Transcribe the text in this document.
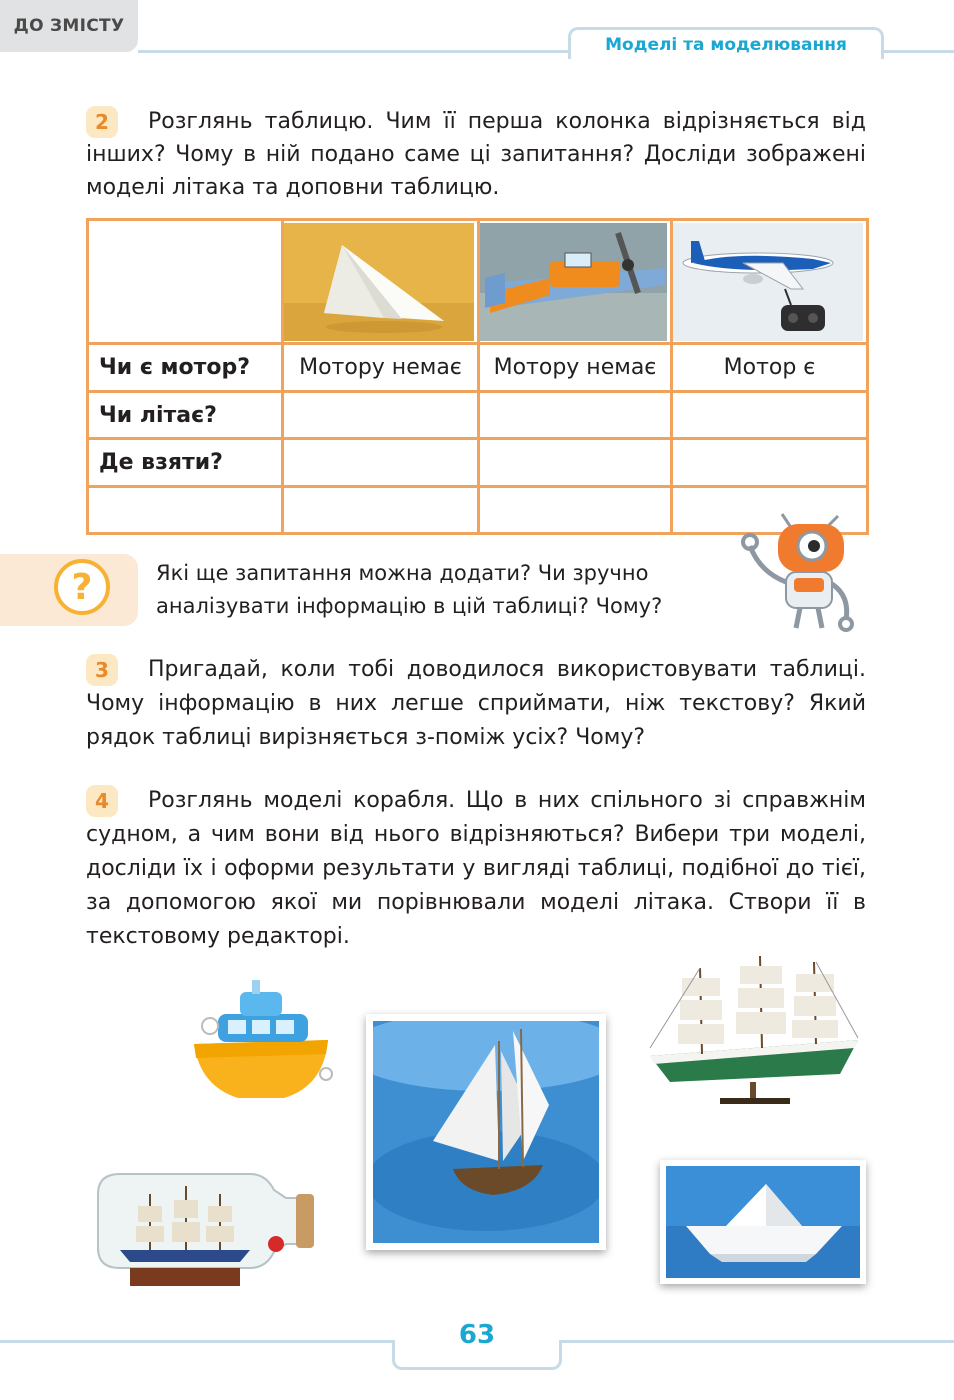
ДО ЗМІСТУ
Моделі та моделювання
2	Розглянь таблицю. Чим її перша колонка відрізняється від інших? Чому в ній подано саме ці запитання? Досліди зображені моделі літака та доповни таблицю.

Чи є мотор?	Мотору немає	Мотору немає	Мотор є
Чи літає?			
Де взяти?			

?	Які ще запитання можна додати? Чи зручно аналізувати інформацію в цій таблиці? Чому?
3	Пригадай, коли тобі доводилося використовувати таблиці. Чому інформацію в них легше сприймати, ніж текстову? Який рядок таблиці вирізняється з-поміж усіх? Чому?

4	Розглянь моделі корабля. Що в них спільного зі справжнім судном, а чим вони від нього відрізняються? Вибери три моделі, досліди їх і оформи результати у вигляді таблиці, подібної до тієї, за допомогою якої ми порівнювали моделі літака. Створи її в текстовому редакторі.

63
